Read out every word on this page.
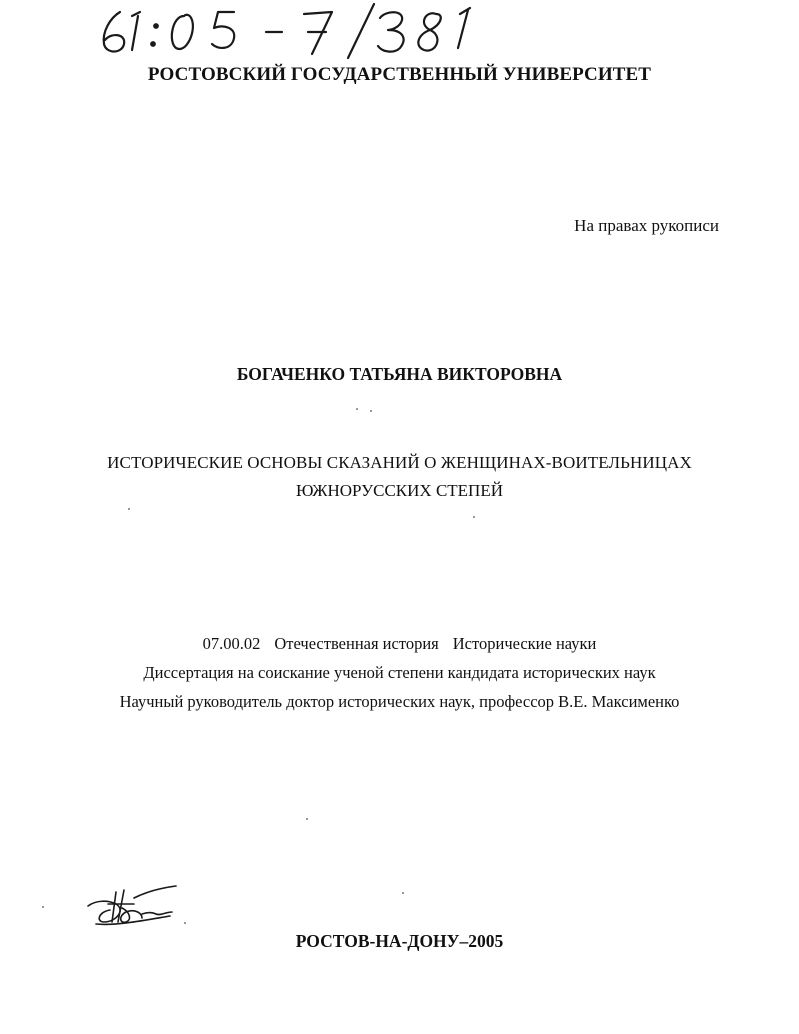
РОСТОВСКИЙ ГОСУДАРСТВЕННЫЙ УНИВЕРСИТЕТ
На правах рукописи
БОГАЧЕНКО ТАТЬЯНА ВИКТОРОВНА
ИСТОРИЧЕСКИЕ ОСНОВЫ СКАЗАНИЙ О ЖЕНЩИНАХ-ВОИТЕЛЬНИЦАХ
ЮЖНОРУССКИХ СТЕПЕЙ
07.00.02 Отечественная история Исторические науки
Диссертация на соискание ученой степени кандидата исторических наук
Научный руководитель доктор исторических наук, профессор В.Е. Максименко
РОСТОВ-НА-ДОНУ–2005
